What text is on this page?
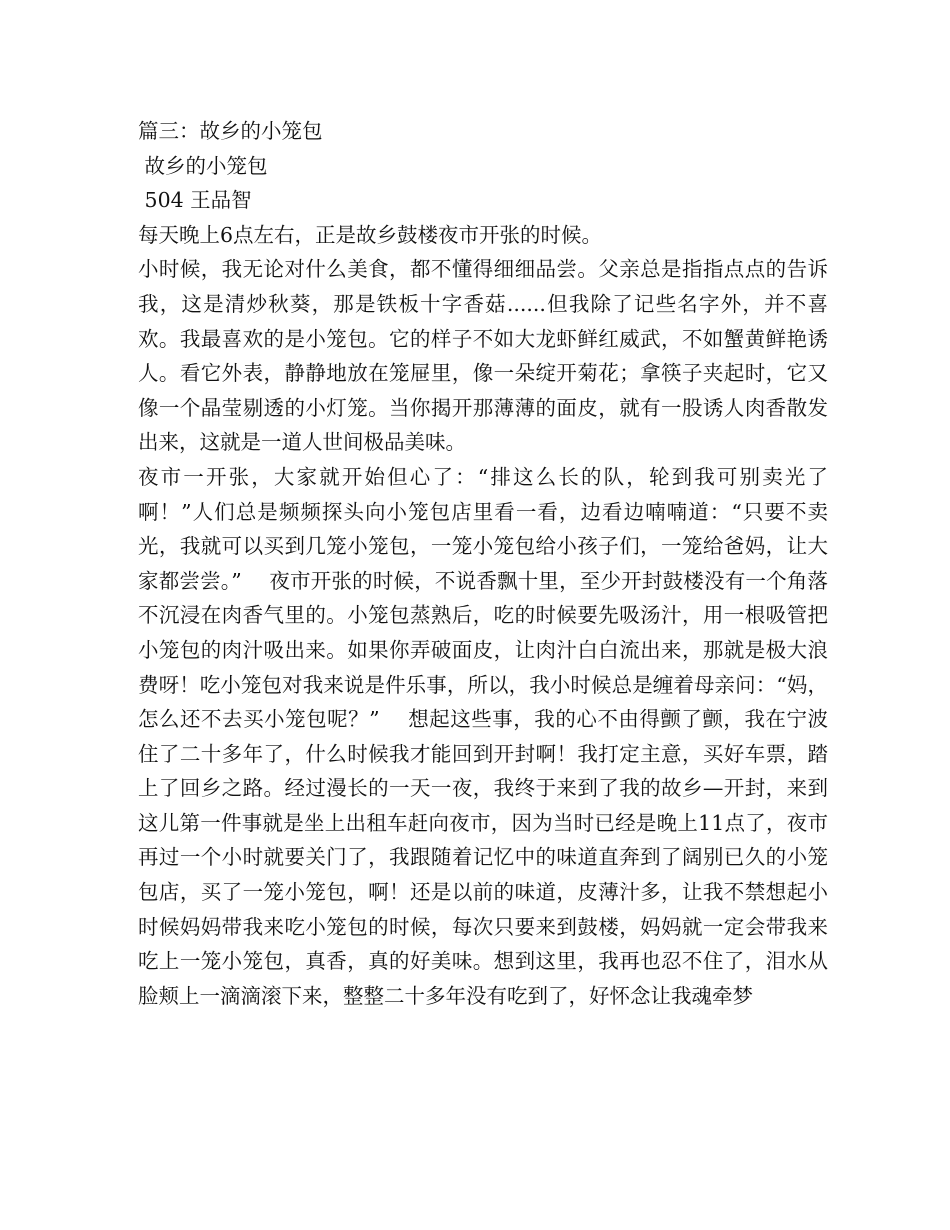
篇三：故乡的小笼包
故乡的小笼包
504 王品智

每天晚上6点左右，正是故乡鼓楼夜市开张的时候。

小时候，我无论对什么美食，都不懂得细细品尝。父亲总是指指点点的告诉我，这是清炒秋葵，那是铁板十字香菇......但我除了记些名字外，并不喜欢。我最喜欢的是小笼包。它的样子不如大龙虾鲜红威武，不如蟹黄鲜艳诱人。看它外表，静静地放在笼屉里，像一朵绽开菊花；拿筷子夹起时，它又像一个晶莹剔透的小灯笼。当你揭开那薄薄的面皮，就有一股诱人肉香散发出来，这就是一道人世间极品美味。

夜市一开张，大家就开始但心了：“排这么长的队，轮到我可别卖光了啊！”人们总是频频探头向小笼包店里看一看，边看边喃喃道：“只要不卖光，我就可以买到几笼小笼包，一笼小笼包给小孩子们，一笼给爸妈，让大家都尝尝。”　 夜市开张的时候，不说香飘十里，至少开封鼓楼没有一个角落不沉浸在肉香气里的。小笼包蒸熟后，吃的时候要先吸汤汁，用一根吸管把小笼包的肉汁吸出来。如果你弄破面皮，让肉汁白白流出来，那就是极大浪费呀！吃小笼包对我来说是件乐事，所以，我小时候总是缠着母亲问：“妈，怎么还不去买小笼包呢？”　 想起这些事，我的心不由得颤了颤，我在宁波住了二十多年了，什么时候我才能回到开封啊！我打定主意，买好车票，踏上了回乡之路。经过漫长的一天一夜，我终于来到了我的故乡—开封，来到这儿第一件事就是坐上出租车赶向夜市，因为当时已经是晚上11点了，夜市再过一个小时就要关门了，我跟随着记忆中的味道直奔到了阔别已久的小笼包店，买了一笼小笼包，啊！还是以前的味道，皮薄汁多，让我不禁想起小时候妈妈带我来吃小笼包的时候，每次只要来到鼓楼，妈妈就一定会带我来吃上一笼小笼包，真香，真的好美味。想到这里，我再也忍不住了，泪水从脸颊上一滴滴滚下来，整整二十多年没有吃到了，好怀念让我魂牵梦
